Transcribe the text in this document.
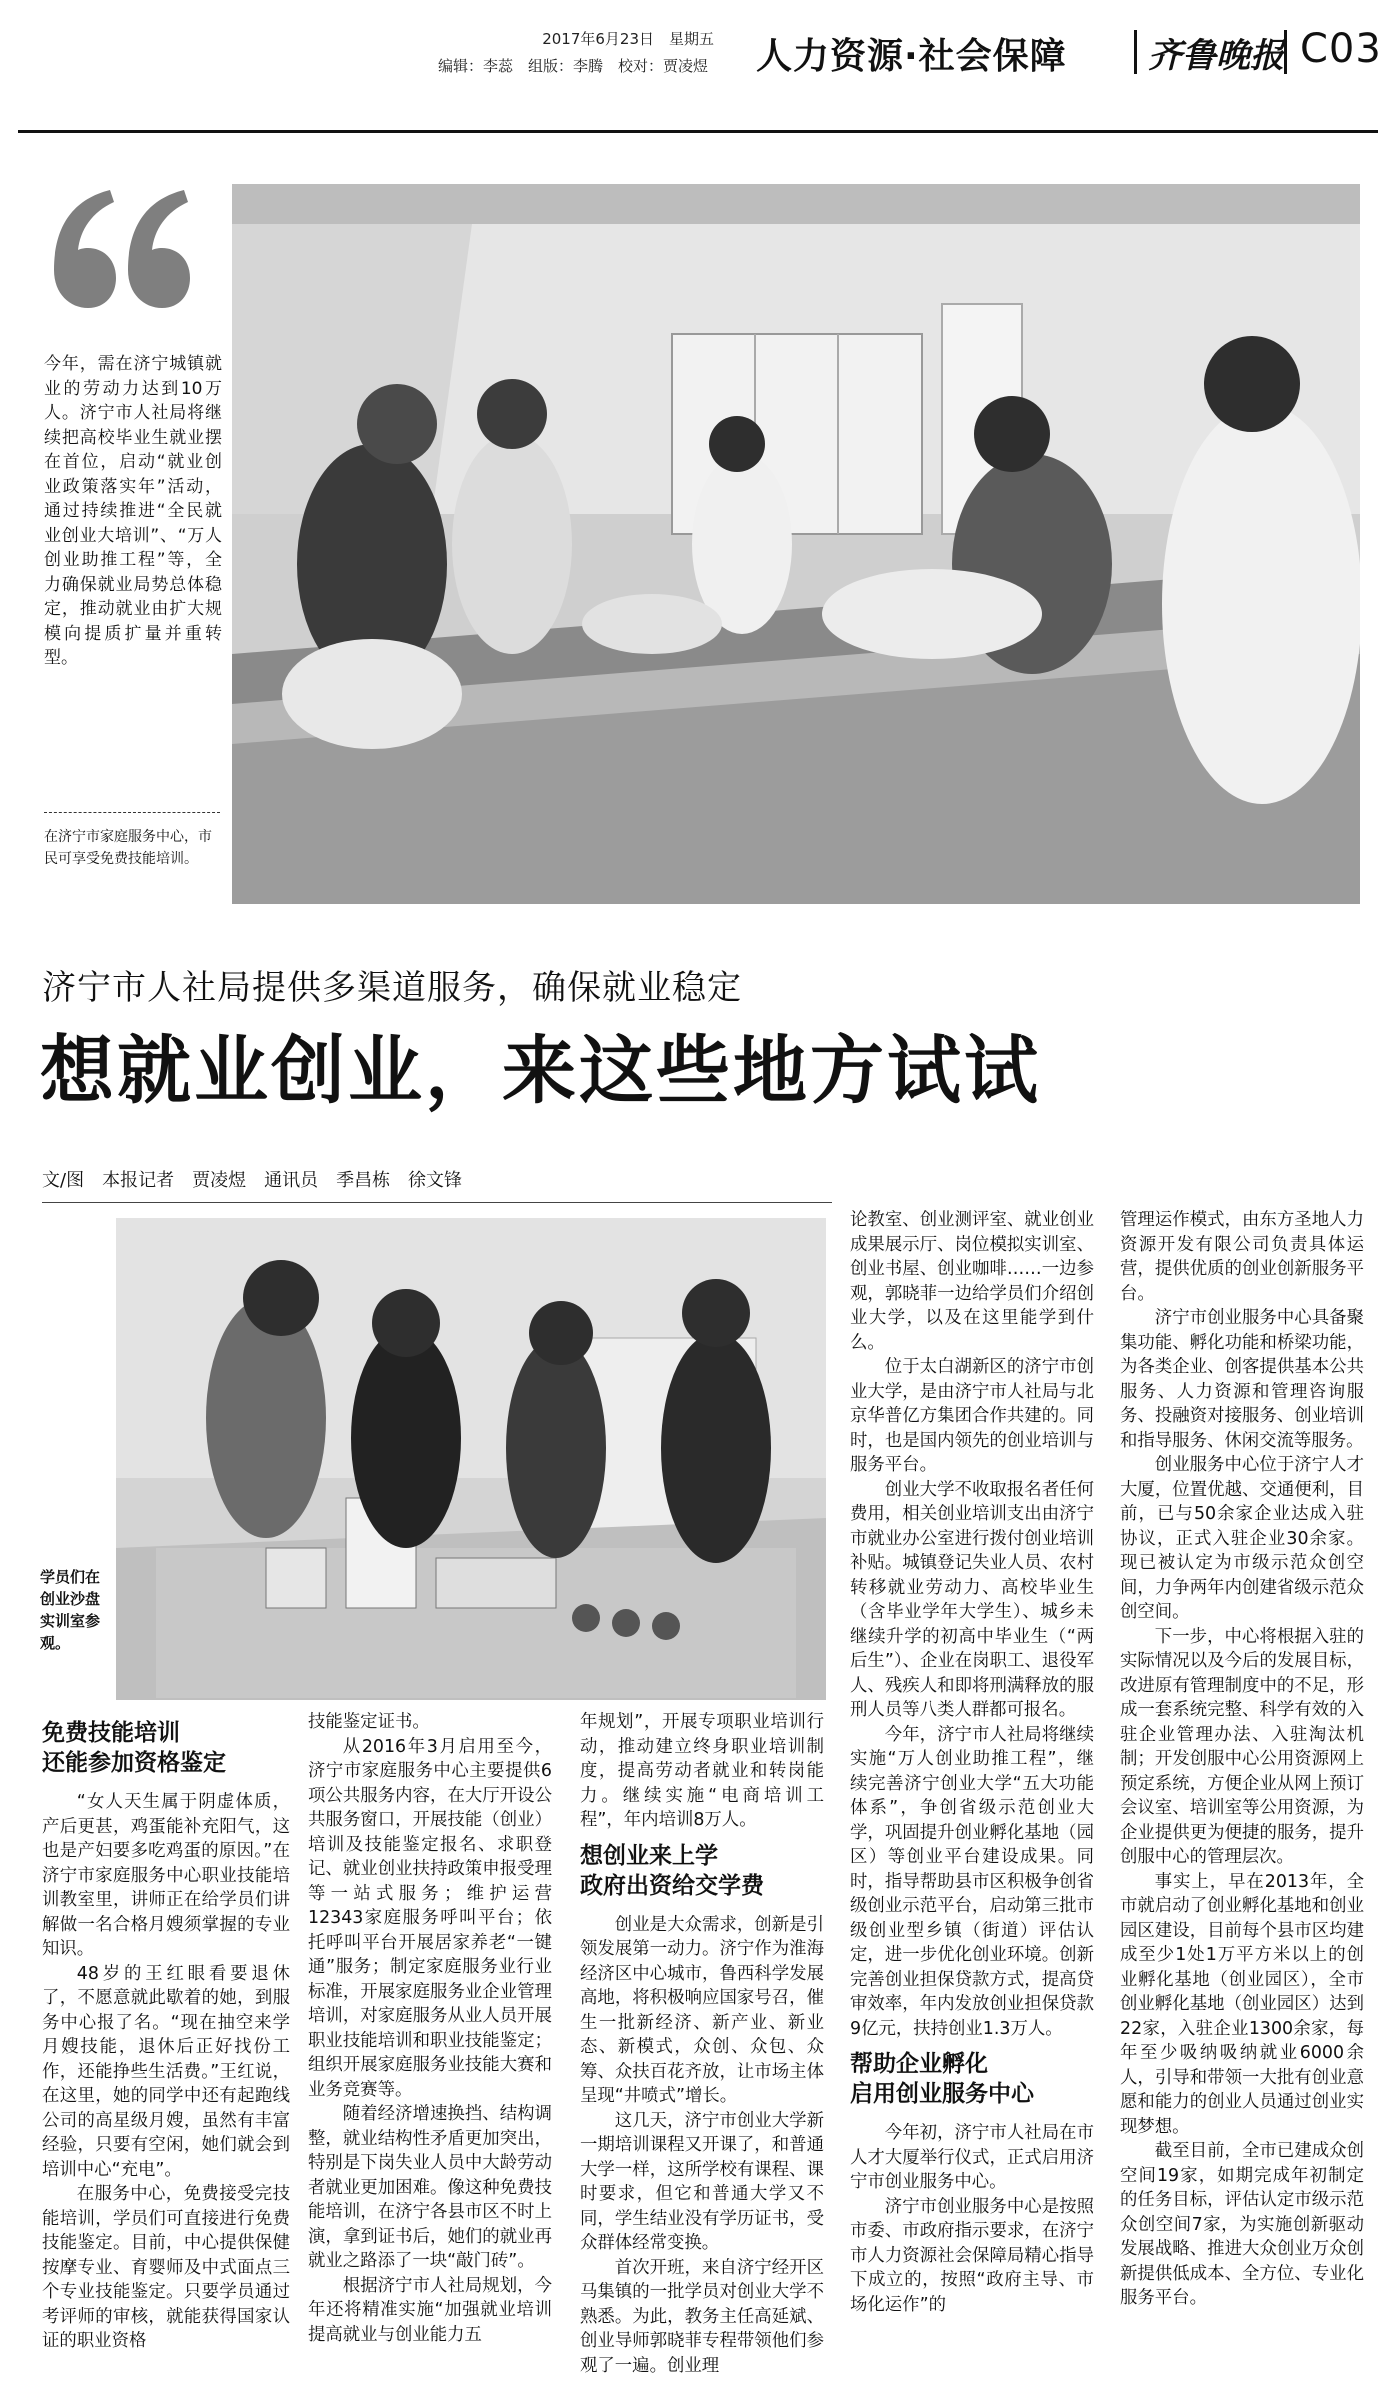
2017年6月23日　星期五
编辑：李蕊　组版：李腾　校对：贾凌煜	人力资源·社会保障 齐鲁晚报 C03
今年，需在济宁城镇就业的劳动力达到10万人。济宁市人社局将继续把高校毕业生就业摆在首位，启动“就业创业政策落实年”活动，通过持续推进“全民就业创业大培训”、“万人创业助推工程”等，全力确保就业局势总体稳定，推动就业由扩大规模向提质扩量并重转型。
在济宁市家庭服务中心，市民可享受免费技能培训。
济宁市人社局提供多渠道服务，确保就业稳定
想就业创业，来这些地方试试
文/图　本报记者　贾凌煜　通讯员　季昌栋　徐文锋
学员们在创业沙盘实训室参观。
免费技能培训
还能参加资格鉴定

“女人天生属于阴虚体质，产后更甚，鸡蛋能补充阳气，这也是产妇要多吃鸡蛋的原因。”在济宁市家庭服务中心职业技能培训教室里，讲师正在给学员们讲解做一名合格月嫂须掌握的专业知识。

48岁的王红眼看要退休了，不愿意就此歇着的她，到服务中心报了名。“现在抽空来学月嫂技能，退休后正好找份工作，还能挣些生活费。”王红说，在这里，她的同学中还有起跑线公司的高星级月嫂，虽然有丰富经验，只要有空闲，她们就会到培训中心“充电”。

在服务中心，免费接受完技能培训，学员们可直接进行免费技能鉴定。目前，中心提供保健按摩专业、育婴师及中式面点三个专业技能鉴定。只要学员通过考评师的审核，就能获得国家认证的职业资格

技能鉴定证书。

从2016年3月启用至今，济宁市家庭服务中心主要提供6项公共服务内容，在大厅开设公共服务窗口，开展技能（创业）培训及技能鉴定报名、求职登记、就业创业扶持政策申报受理等一站式服务；维护运营12343家庭服务呼叫平台；依托呼叫平台开展居家养老“一键通”服务；制定家庭服务业行业标准，开展家庭服务业企业管理培训，对家庭服务从业人员开展职业技能培训和职业技能鉴定；组织开展家庭服务业技能大赛和业务竞赛等。

随着经济增速换挡、结构调整，就业结构性矛盾更加突出，特别是下岗失业人员中大龄劳动者就业更加困难。像这种免费技能培训，在济宁各县市区不时上演，拿到证书后，她们的就业再就业之路添了一块“敲门砖”。

根据济宁市人社局规划，今年还将精准实施“加强就业培训提高就业与创业能力五

年规划”，开展专项职业培训行动，推动建立终身职业培训制度，提高劳动者就业和转岗能力。继续实施“电商培训工程”，年内培训8万人。

想创业来上学
政府出资给交学费

创业是大众需求，创新是引领发展第一动力。济宁作为淮海经济区中心城市，鲁西科学发展高地，将积极响应国家号召，催生一批新经济、新产业、新业态、新模式，众创、众包、众筹、众扶百花齐放，让市场主体呈现“井喷式”增长。

这几天，济宁市创业大学新一期培训课程又开课了，和普通大学一样，这所学校有课程、课时要求，但它和普通大学又不同，学生结业没有学历证书，受众群体经常变换。

首次开班，来自济宁经开区马集镇的一批学员对创业大学不熟悉。为此，教务主任高延斌、创业导师郭晓菲专程带领他们参观了一遍。创业理

论教室、创业测评室、就业创业成果展示厅、岗位模拟实训室、创业书屋、创业咖啡……一边参观，郭晓菲一边给学员们介绍创业大学，以及在这里能学到什么。

位于太白湖新区的济宁市创业大学，是由济宁市人社局与北京华普亿方集团合作共建的。同时，也是国内领先的创业培训与服务平台。

创业大学不收取报名者任何费用，相关创业培训支出由济宁市就业办公室进行拨付创业培训补贴。城镇登记失业人员、农村转移就业劳动力、高校毕业生（含毕业学年大学生）、城乡未继续升学的初高中毕业生（“两后生”）、企业在岗职工、退役军人、残疾人和即将刑满释放的服刑人员等八类人群都可报名。

今年，济宁市人社局将继续实施“万人创业助推工程”，继续完善济宁创业大学“五大功能体系”，争创省级示范创业大学，巩固提升创业孵化基地（园区）等创业平台建设成果。同时，指导帮助县市区积极争创省级创业示范平台，启动第三批市级创业型乡镇（街道）评估认定，进一步优化创业环境。创新完善创业担保贷款方式，提高贷审效率，年内发放创业担保贷款9亿元，扶持创业1.3万人。

帮助企业孵化
启用创业服务中心

今年初，济宁市人社局在市人才大厦举行仪式，正式启用济宁市创业服务中心。

济宁市创业服务中心是按照市委、市政府指示要求，在济宁市人力资源社会保障局精心指导下成立的，按照“政府主导、市场化运作”的

管理运作模式，由东方圣地人力资源开发有限公司负责具体运营，提供优质的创业创新服务平台。

济宁市创业服务中心具备聚集功能、孵化功能和桥梁功能，为各类企业、创客提供基本公共服务、人力资源和管理咨询服务、投融资对接服务、创业培训和指导服务、休闲交流等服务。

创业服务中心位于济宁人才大厦，位置优越、交通便利，目前，已与50余家企业达成入驻协议，正式入驻企业30余家。现已被认定为市级示范众创空间，力争两年内创建省级示范众创空间。

下一步，中心将根据入驻的实际情况以及今后的发展目标，改进原有管理制度中的不足，形成一套系统完整、科学有效的入驻企业管理办法、入驻淘汰机制；开发创服中心公用资源网上预定系统，方便企业从网上预订会议室、培训室等公用资源，为企业提供更为便捷的服务，提升创服中心的管理层次。

事实上，早在2013年，全市就启动了创业孵化基地和创业园区建设，目前每个县市区均建成至少1处1万平方米以上的创业孵化基地（创业园区），全市创业孵化基地（创业园区）达到22家，入驻企业1300余家，每年至少吸纳吸纳就业6000余人，引导和带领一大批有创业意愿和能力的创业人员通过创业实现梦想。

截至目前，全市已建成众创空间19家，如期完成年初制定的任务目标，评估认定市级示范众创空间7家，为实施创新驱动发展战略、推进大众创业万众创新提供低成本、全方位、专业化服务平台。
